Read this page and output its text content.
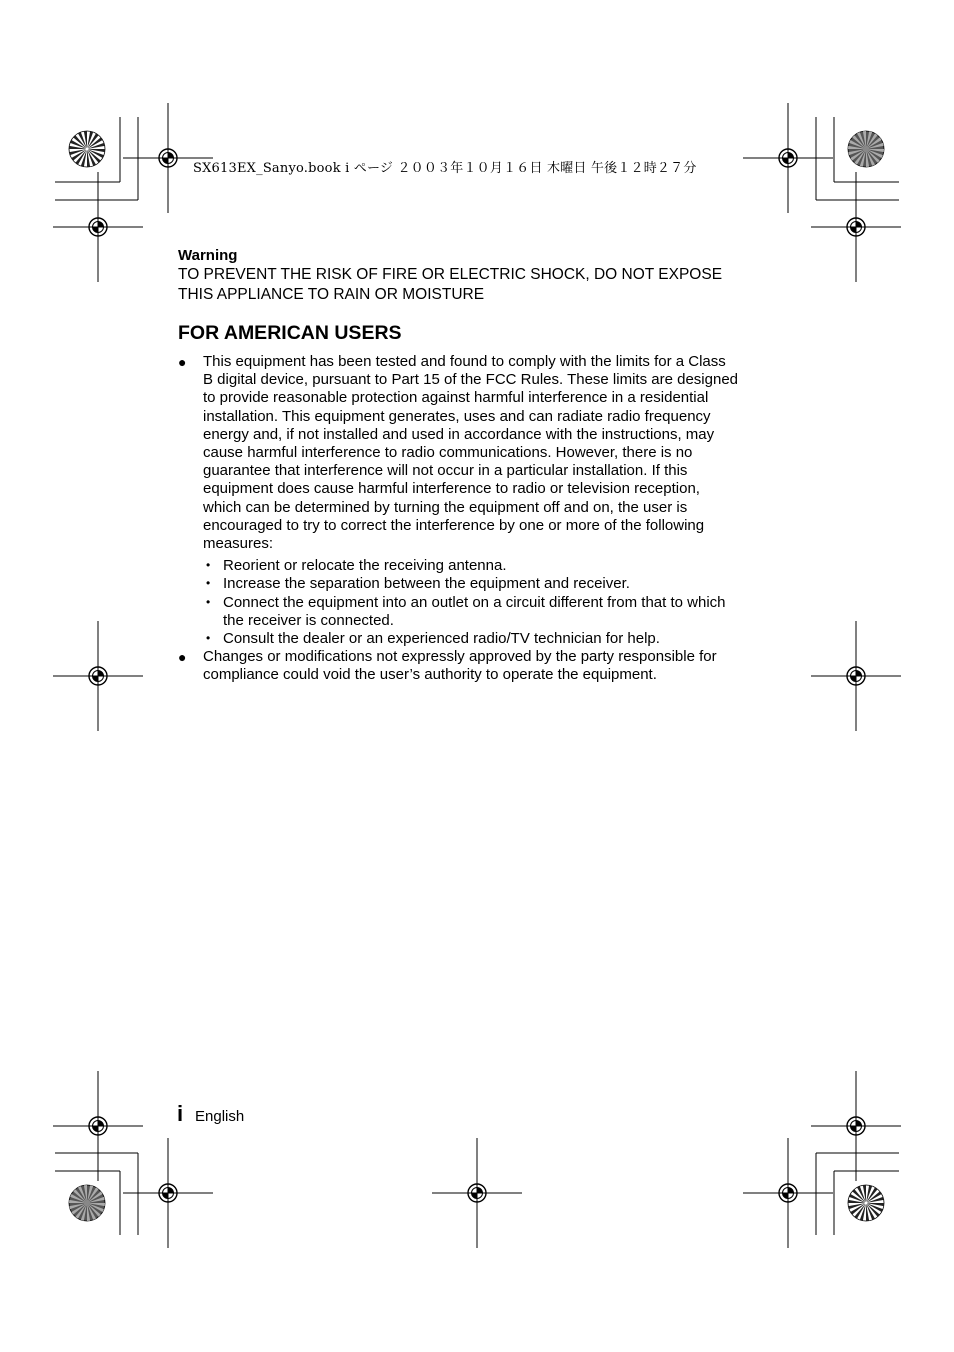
SX613EX_Sanyo.book i ページ ２００３年１０月１６日 木曜日 午後１２時２７分
Warning
TO PREVENT THE RISK OF FIRE OR ELECTRIC SHOCK, DO NOT EXPOSE
THIS APPLIANCE TO RAIN OR MOISTURE
FOR AMERICAN USERS
● This equipment has been tested and found to comply with the limits for a Class B digital device, pursuant to Part 15 of the FCC Rules. These limits are designed to provide reasonable protection against harmful interference in a residential installation. This equipment generates, uses and can radiate radio frequency energy and, if not installed and used in accordance with the instructions, may cause harmful interference to radio communications. However, there is no guarantee that interference will not occur in a particular installation. If this equipment does cause harmful interference to radio or television reception, which can be determined by turning the equipment off and on, the user is encouraged to try to correct the interference by one or more of the following measures:
• Reorient or relocate the receiving antenna.
• Increase the separation between the equipment and receiver.
• Connect the equipment into an outlet on a circuit different from that to which the receiver is connected.
• Consult the dealer or an experienced radio/TV technician for help.
● Changes or modifications not expressly approved by the party responsible for compliance could void the user’s authority to operate the equipment.
i English
